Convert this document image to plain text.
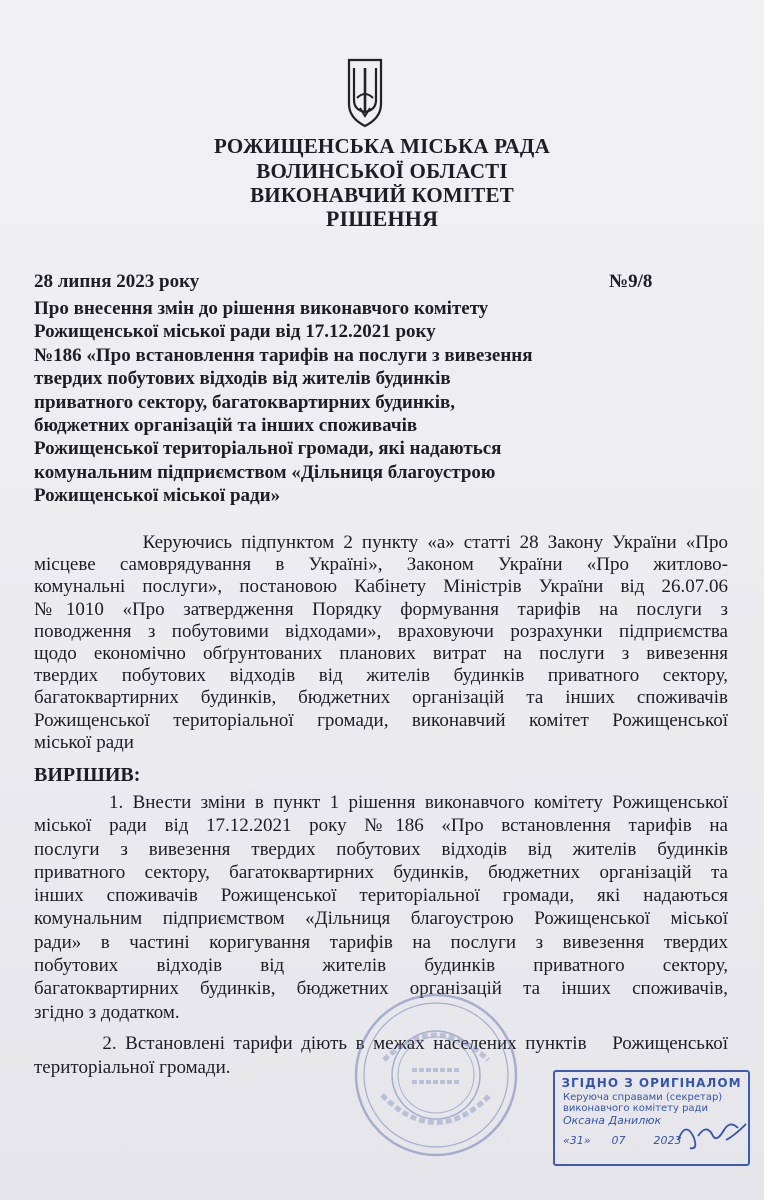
РОЖИЩЕНСЬКА МІСЬКА РАДА
ВОЛИНСЬКОЇ ОБЛАСТІ
ВИКОНАВЧИЙ КОМІТЕТ
РІШЕННЯ
28 липня 2023 року	№9/8
Про внесення змін до рішення виконавчого комітету
Рожищенської міської ради від 17.12.2021 року
№186 «Про встановлення тарифів на послуги з вивезення
твердих побутових відходів від жителів будинків
приватного сектору, багатоквартирних будинків,
бюджетних організацій та інших споживачів
Рожищенської територіальної громади, які надаються
комунальним підприємством «Дільниця благоустрою
Рожищенської міської ради»
Керуючись підпунктом 2 пункту «а» статті 28 Закону України «Про
місцеве самоврядування в Україні», Законом України «Про житлово-
комунальні послуги», постановою Кабінету Міністрів України від 26.07.06
№1010 «Про затвердження Порядку формування тарифів на послуги з
поводження з побутовими відходами», враховуючи розрахунки підприємства
щодо економічно обґрунтованих планових витрат на послуги з вивезення
твердих побутових відходів від жителів будинків приватного сектору,
багатоквартирних будинків, бюджетних організацій та інших споживачів
Рожищенської територіальної громади, виконавчий комітет Рожищенської
міської ради
ВИРІШИВ:
1. Внести зміни в пункт 1 рішення виконавчого комітету Рожищенської
міської ради від 17.12.2021 року №186 «Про встановлення тарифів на
послуги з вивезення твердих побутових відходів від жителів будинків
приватного сектору, багатоквартирних будинків, бюджетних організацій та
інших споживачів Рожищенської територіальної громади, які надаються
комунальним підприємством «Дільниця благоустрою Рожищенської міської
ради» в частині коригування тарифів на послуги з вивезення твердих
побутових відходів від жителів будинків приватного сектору,
багатоквартирних будинків, бюджетних організацій та інших споживачів,
згідно з додатком.
2. Встановлені тарифи діють в межах населених пунктів   Рожищенської
територіальної громади.
ЗГІДНО З ОРИГІНАЛОМ
Керуюча справами (секретар)
виконавчого комітету ради
Оксана Данилюк
«31»      07        2023
